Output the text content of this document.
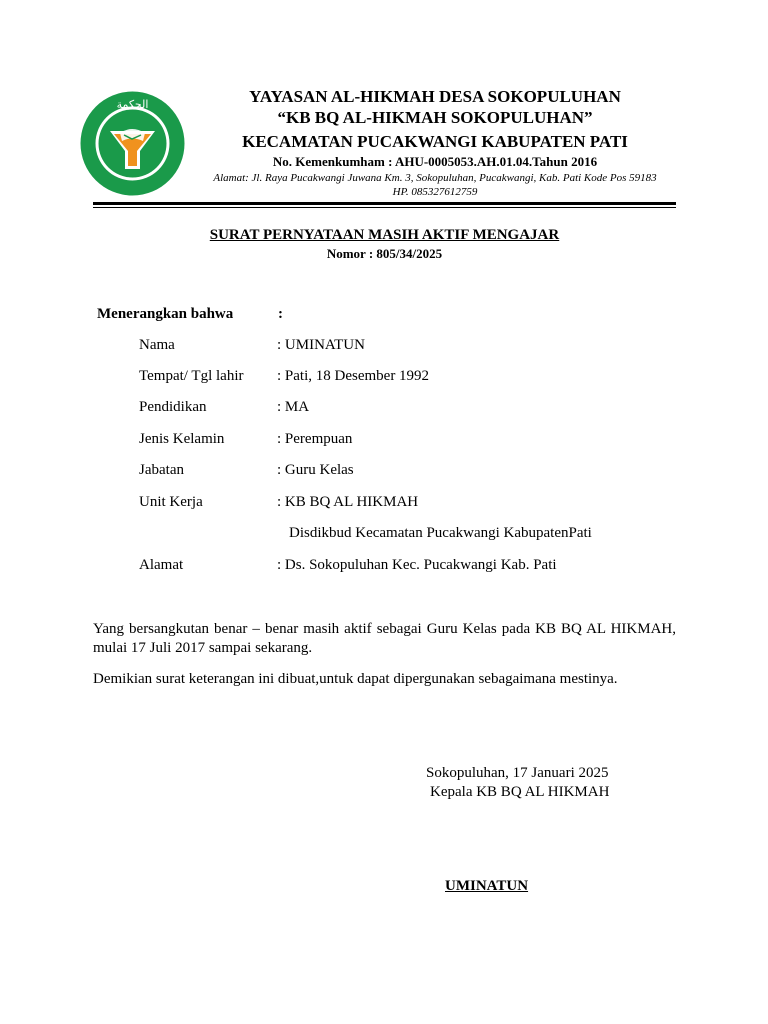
الحكمة	YAYASAN AL-HIKMAH DESA SOKOPULUHAN
“KB BQ AL-HIKMAH SOKOPULUHAN”
KECAMATAN PUCAKWANGI KABUPATEN PATI
No. Kemenkumham : AHU-0005053.AH.01.04.Tahun 2016
Alamat: Jl. Raya Pucakwangi Juwana Km. 3, Sokopuluhan, Pucakwangi, Kab. Pati Kode Pos 59183
HP. 085327612759
SURAT PERNYATAAN MASIH AKTIF MENGAJAR
Nomor : 805/34/2025
Menerangkan bahwa	:
Nama	: UMINATUN
Tempat/ Tgl lahir : Pati, 18 Desember 1992
Pendidikan	: MA
Jenis Kelamin	: Perempuan
Jabatan	: Guru Kelas
Unit Kerja	: KB BQ AL HIKMAH
Disdikbud Kecamatan Pucakwangi KabupatenPati
Alamat	: Ds. Sokopuluhan Kec. Pucakwangi Kab. Pati
Yang bersangkutan benar – benar masih aktif sebagai Guru Kelas pada KB BQ AL HIKMAH, mulai 17 Juli 2017 sampai sekarang.
Demikian surat keterangan ini dibuat,untuk dapat dipergunakan sebagaimana mestinya.
Sokopuluhan, 17 Januari 2025
Kepala KB BQ AL HIKMAH
UMINATUN
